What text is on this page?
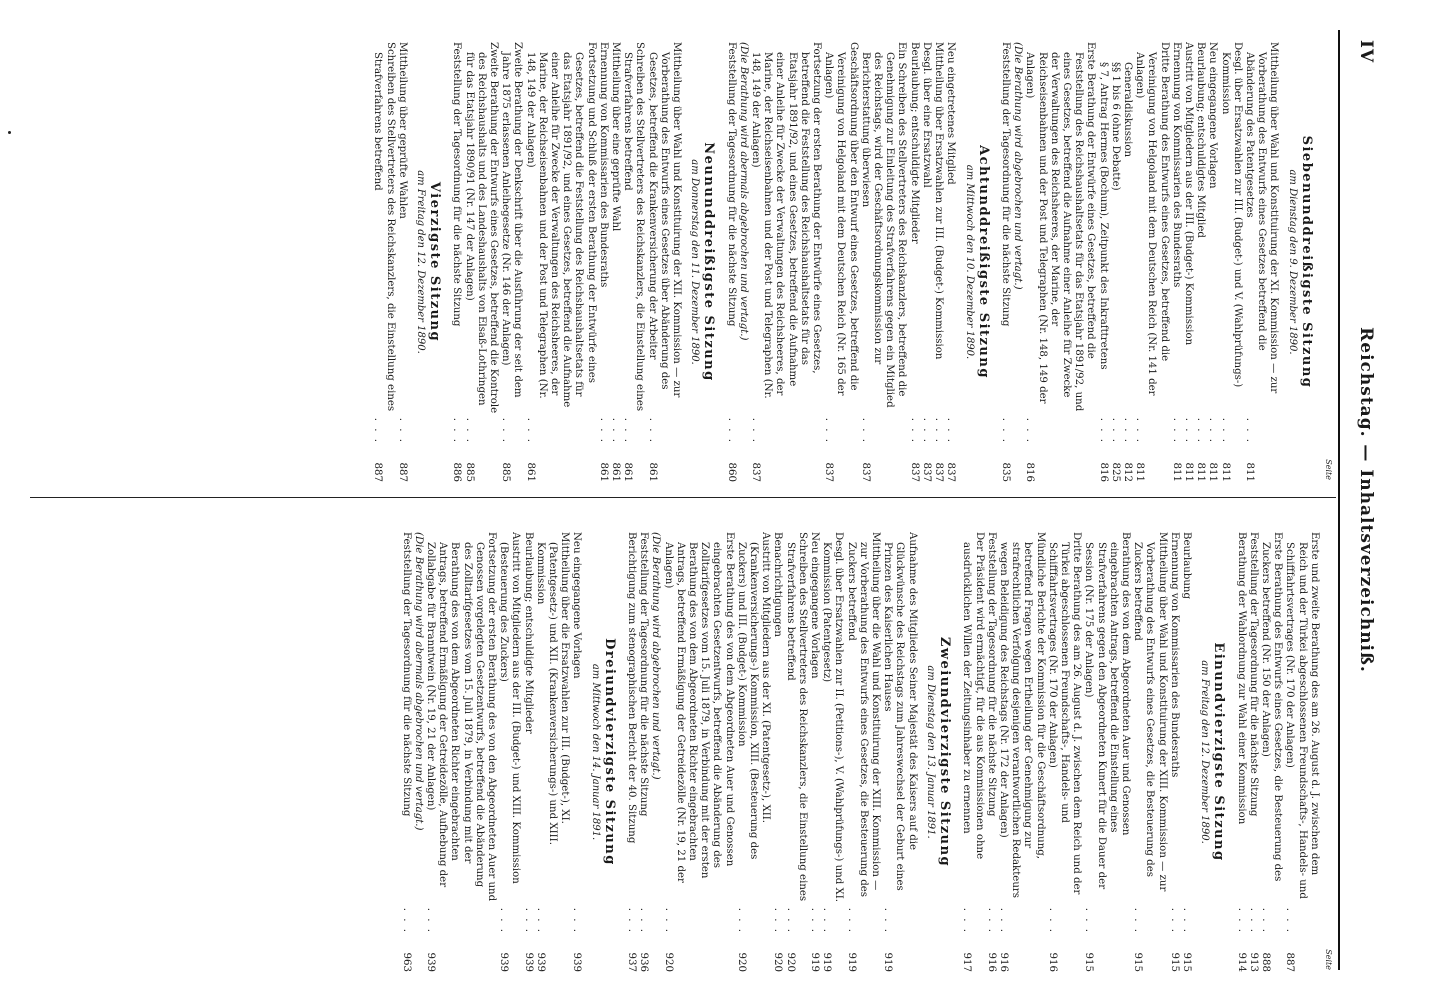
IV
Reichstag. — Inhaltsverzeichniß.
Seite
Siebenunddreißigste Sitzung
am Dienstag den 9. Dezember 1890.
Mittheilung über Wahl und Konstituirung der XI. Kommission — zur Vorberathung des Entwurfs eines Gesetzes betreffend die Abänderung des Patentgesetzes
. . .
811
Desgl. über Ersatzwahlen zur III. (Budget-) und V. (Wahlprüfungs-) Kommission
. . .
811
Neu eingegangene Vorlagen
. . .
811
Beurlaubung; entschuldigtes Mitglied
. . .
811
Austritt von Mitgliedern aus der III. (Budget-) Kommission
. . .
811
Ernennung von Kommissarien des Bundesraths
. . .
811
Dritte Berathung des Entwurfs eines Gesetzes, betreffend die Vereinigung von Helgoland mit dem Deutschen Reich (Nr. 141 der Anlagen)
. . .
811
Generaldiskussion
. . .
812
§§ 1 bis 6 (ohne Debatte)
. . .
825
§ 7, Antrag Hermes (Bochum), Zeitpunkt des Inkrafttretens
. . .
816
Erste Berathung der Entwürfe eines Gesetzes, betreffend die Feststellung des Reichshaushaltsetats für das Etatsjahr 1891/92, und eines Gesetzes, betreffend die Aufnahme einer Anleihe für Zwecke der Verwaltungen des Reichsheeres, der Marine, der Reichseisenbahnen und der Post und Telegraphen (Nr. 148, 149 der Anlagen)
. . .
816
(Die Berathung wird abgebrochen und vertagt.)
Feststellung der Tagesordnung für die nächste Sitzung
. . .
835
Achtunddreißigste Sitzung
am Mittwoch den 10. Dezember 1890.
Neu eingetretenes Mitglied
. . .
837
Mittheilung über Ersatzwahlen zur III. (Budget-) Kommission
. . .
837
Desgl. über eine Ersatzwahl
. . .
837
Beurlaubung; entschuldigte Mitglieder
. . .
837
Ein Schreiben des Stellvertreters des Reichskanzlers, betreffend die Genehmigung zur Einleitung des Strafverfahrens gegen ein Mitglied des Reichstags, wird der Geschäftsordnungskommission zur Berichterstattung überwiesen
. . .
837
Geschäftsordnung über den Entwurf eines Gesetzes, betreffend die Vereinigung von Helgoland mit dem Deutschen Reich (Nr. 165 der Anlagen)
. . .
837
Fortsetzung der ersten Berathung der Entwürfe eines Gesetzes, betreffend die Feststellung des Reichshaushaltsetats für das Etatsjahr 1891/92, und eines Gesetzes, betreffend die Aufnahme einer Anleihe für Zwecke der Verwaltungen des Reichsheeres, der Marine, der Reichseisenbahnen und der Post und Telegraphen (Nr. 148, 149 der Anlagen)
. . .
837
(Die Berathung wird abermals abgebrochen und vertagt.)
Feststellung der Tagesordnung für die nächste Sitzung
. . .
860
Neununddreißigste Sitzung
am Donnerstag den 11. Dezember 1890.
Mittheilung über Wahl und Konstituirung der XII. Kommission — zur Vorberathung des Entwurfs eines Gesetzes über Abänderung des Gesetzes, betreffend die Krankenversicherung der Arbeiter
. . .
861
Schreiben des Stellvertreters des Reichskanzlers, die Einstellung eines Strafverfahrens betreffend
. . .
861
Mittheilung über eine geprüfte Wahl
. . .
861
Ernennung von Kommissarien des Bundesraths
. . .
861
Fortsetzung und Schluß der ersten Berathung der Entwürfe eines Gesetzes, betreffend die Feststellung des Reichshaushaltsetats für das Etatsjahr 1891/92, und eines Gesetzes, betreffend die Aufnahme einer Anleihe für Zwecke der Verwaltungen des Reichsheeres, der Marine, der Reichseisenbahnen und der Post und Telegraphen (Nr. 148, 149 der Anlagen)
. . .
861
Zweite Berathung der Denkschrift über die Ausführung der seit dem Jahre 1875 erlassenen Anleihegesetze (Nr. 146 der Anlagen)
. . .
885
Zweite Berathung der Entwurfs eines Gesetzes, betreffend die Kontrole des Reichshaushalts und des Landeshaushalts von Elsaß-Lothringen für das Etatsjahr 1890/91 (Nr. 147 der Anlagen)
. . .
885
Feststellung der Tagesordnung für die nächste Sitzung
. . .
886
Vierzigste Sitzung
am Freitag den 12. Dezember 1890.
Mittheilung über geprüfte Wahlen
. . .
887
Schreiben des Stellvertreters des Reichskanzlers, die Einstellung eines Strafverfahrens betreffend
. . .
887
Seite
Erste und zweite Berathung des am 26. August d. J. zwischen dem Reich und der Türkei abgeschlossenen Freundschafts-, Handels- und Schifffahrtsvertrages (Nr. 170 der Anlagen)
. . .
887
Erste Berathung des Entwurfs eines Gesetzes, die Besteuerung des Zuckers betreffend (Nr. 150 der Anlagen)
. . .
888
Feststellung der Tagesordnung für die nächste Sitzung
. . .
913
Berathung der Wahlordnung zur Wahl einer Kommission
. . .
914
Einundvierzigste Sitzung
am Freitag den 12. Dezember 1890.
Beurlaubung
. . .
915
Ernennung von Kommissarien des Bundesraths
. . .
915
Mittheilung über Wahl und Konstituirung der XIII. Kommission — zur Vorberathung des Entwurfs eines Gesetzes, die Besteuerung des Zuckers betreffend
. . .
915
Berathung des von dem Abgeordneten Auer und Genossen eingebrachten Antrags, betreffend die Einstellung eines Strafverfahrens gegen den Abgeordneten Kunert für die Dauer der Session (Nr. 175 der Anlagen)
. . .
915
Dritte Berathung des am 26. August d. J. zwischen dem Reich und der Türkei abgeschlossenen Freundschafts-, Handels- und Schifffahrtsvertrages (Nr. 170 der Anlagen)
. . .
916
Mündliche Berichte der Kommission für die Geschäftsordnung, betreffend Fragen wegen Ertheilung der Genehmigung zur strafrechtlichen Verfolgung desjenigen verantwortlichen Redakteurs wegen Beleidigung des Reichstags (Nr. 172 der Anlagen)
. . .
916
Feststellung der Tagesordnung für die nächste Sitzung
. . .
916
Der Präsident wird ermächtigt, für die aus Kommissionen ohne ausdrücklichen Willen der Zeitungsinhaber zu ernennen
. . .
917
Zweiundvierzigste Sitzung
am Dienstag den 13. Januar 1891.
Aufnahme des Mitgliedes Seiner Majestät des Kaisers auf die Glückwünsche des Reichstags zum Jahreswechsel der Geburt eines Prinzen des Kaiserlichen Hauses
. . .
919
Mittheilung über die Wahl und Konstituirung der XIII. Kommission — zur Vorberathung des Entwurfs eines Gesetzes, die Besteuerung des Zuckers betreffend
. . .
919
Desgl. über Ersatzwahlen zur II. (Petitions-), V. (Wahlprüfungs-) und XI. Kommission (Patentgesetz)
. . .
919
Neu eingegangene Vorlagen
. . .
919
Schreiben des Stellvertreters des Reichskanzlers, die Einstellung eines Strafverfahrens betreffend
. . .
920
Benachrichtigungen
. . .
920
Austritt von Mitgliedern aus der XI. (Patentgesetz-), XII. (Krankenversicherungs-) Kommission, XIII. (Besteuerung des Zuckers) und III. (Budget-) Kommission
. . .
920
Erste Berathung des von dem Abgeordneten Auer und Genossen eingebrachten Gesetzentwurfs, betreffend die Abänderung des Zolltarifgesetzes vom 15. Juli 1879, in Verbindung mit der ersten Berathung des von dem Abgeordneten Richter eingebrachten Antrags, betreffend Ermäßigung der Getreidezölle (Nr. 19, 21 der Anlagen)
. . .
920
(Die Berathung wird abgebrochen und vertagt.)
Feststellung der Tagesordnung für die nächste Sitzung
. . .
936
Berichtigung zum stenographischen Bericht der 40. Sitzung
. . .
937
Dreiundvierzigste Sitzung
am Mittwoch den 14. Januar 1891.
Neu eingegangene Vorlagen
. . .
939
Mittheilung über die Ersatzwahlen zur III. (Budget-), XI. (Patentgesetz-) und XII. (Krankenversicherungs-) und XIII. Kommission
. . .
939
Beurlaubung; entschuldigte Mitglieder
. . .
939
Austritt von Mitgliedern aus der III. (Budget-) und XIII. Kommission (Besteuerung des Zuckers)
. . .
939
Fortsetzung der ersten Berathung des von den Abgeordneten Auer und Genossen vorgelegten Gesetzentwurfs, betreffend die Abänderung des Zolltarifgesetzes vom 15. Juli 1879, in Verbindung mit der Berathung des von dem Abgeordneten Richter eingebrachten Antrags, betreffend Ermäßigung der Getreidezölle, Aufhebung der Zollabgabe für Branntwein (Nr. 19, 21 der Anlagen)
. . .
939
(Die Berathung wird abermals abgebrochen und vertagt.)
Feststellung der Tagesordnung für die nächste Sitzung
. . .
963
